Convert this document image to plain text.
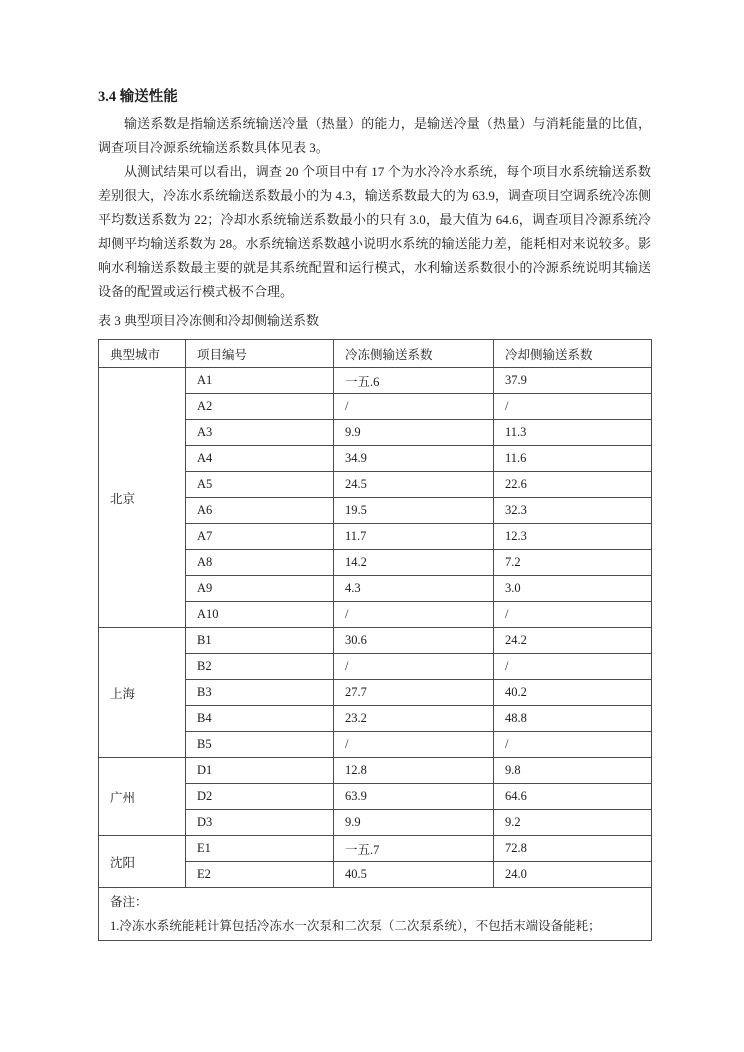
3.4 输送性能

输送系数是指输送系统输送冷量（热量）的能力，是输送冷量（热量）与消耗能量的比值，调查项目冷源系统输送系数具体见表 3。

从测试结果可以看出，调查 20 个项目中有 17 个为水冷冷水系统，每个项目水系统输送系数差别很大，冷冻水系统输送系数最小的为 4.3，输送系数最大的为 63.9，调查项目空调系统冷冻侧平均数送系数为 22；冷却水系统输送系数最小的只有 3.0，最大值为 64.6，调查项目冷源系统冷却侧平均输送系数为 28。水系统输送系数越小说明水系统的输送能力差，能耗相对来说较多。影响水利输送系数最主要的就是其系统配置和运行模式，水利输送系数很小的冷源系统说明其输送设备的配置或运行模式极不合理。

表 3 典型项目冷冻侧和冷却侧输送系数
典型城市	项目编号	冷冻侧输送系数	冷却侧输送系数
北京	A1	一五.6	37.9
	A2	/	/
	A3	9.9	11.3
	A4	34.9	11.6
	A5	24.5	22.6
	A6	19.5	32.3
	A7	11.7	12.3
	A8	14.2	7.2
	A9	4.3	3.0
	A10	/	/
上海	B1	30.6	24.2
	B2	/	/
	B3	27.7	40.2
	B4	23.2	48.8
	B5	/	/
广州	D1	12.8	9.8
	D2	63.9	64.6
	D3	9.9	9.2
沈阳	E1	一五.7	72.8
	E2	40.5	24.0

备注：
1.冷冻水系统能耗计算包括冷冻水一次泵和二次泵（二次泵系统），不包括末端设备能耗；			
